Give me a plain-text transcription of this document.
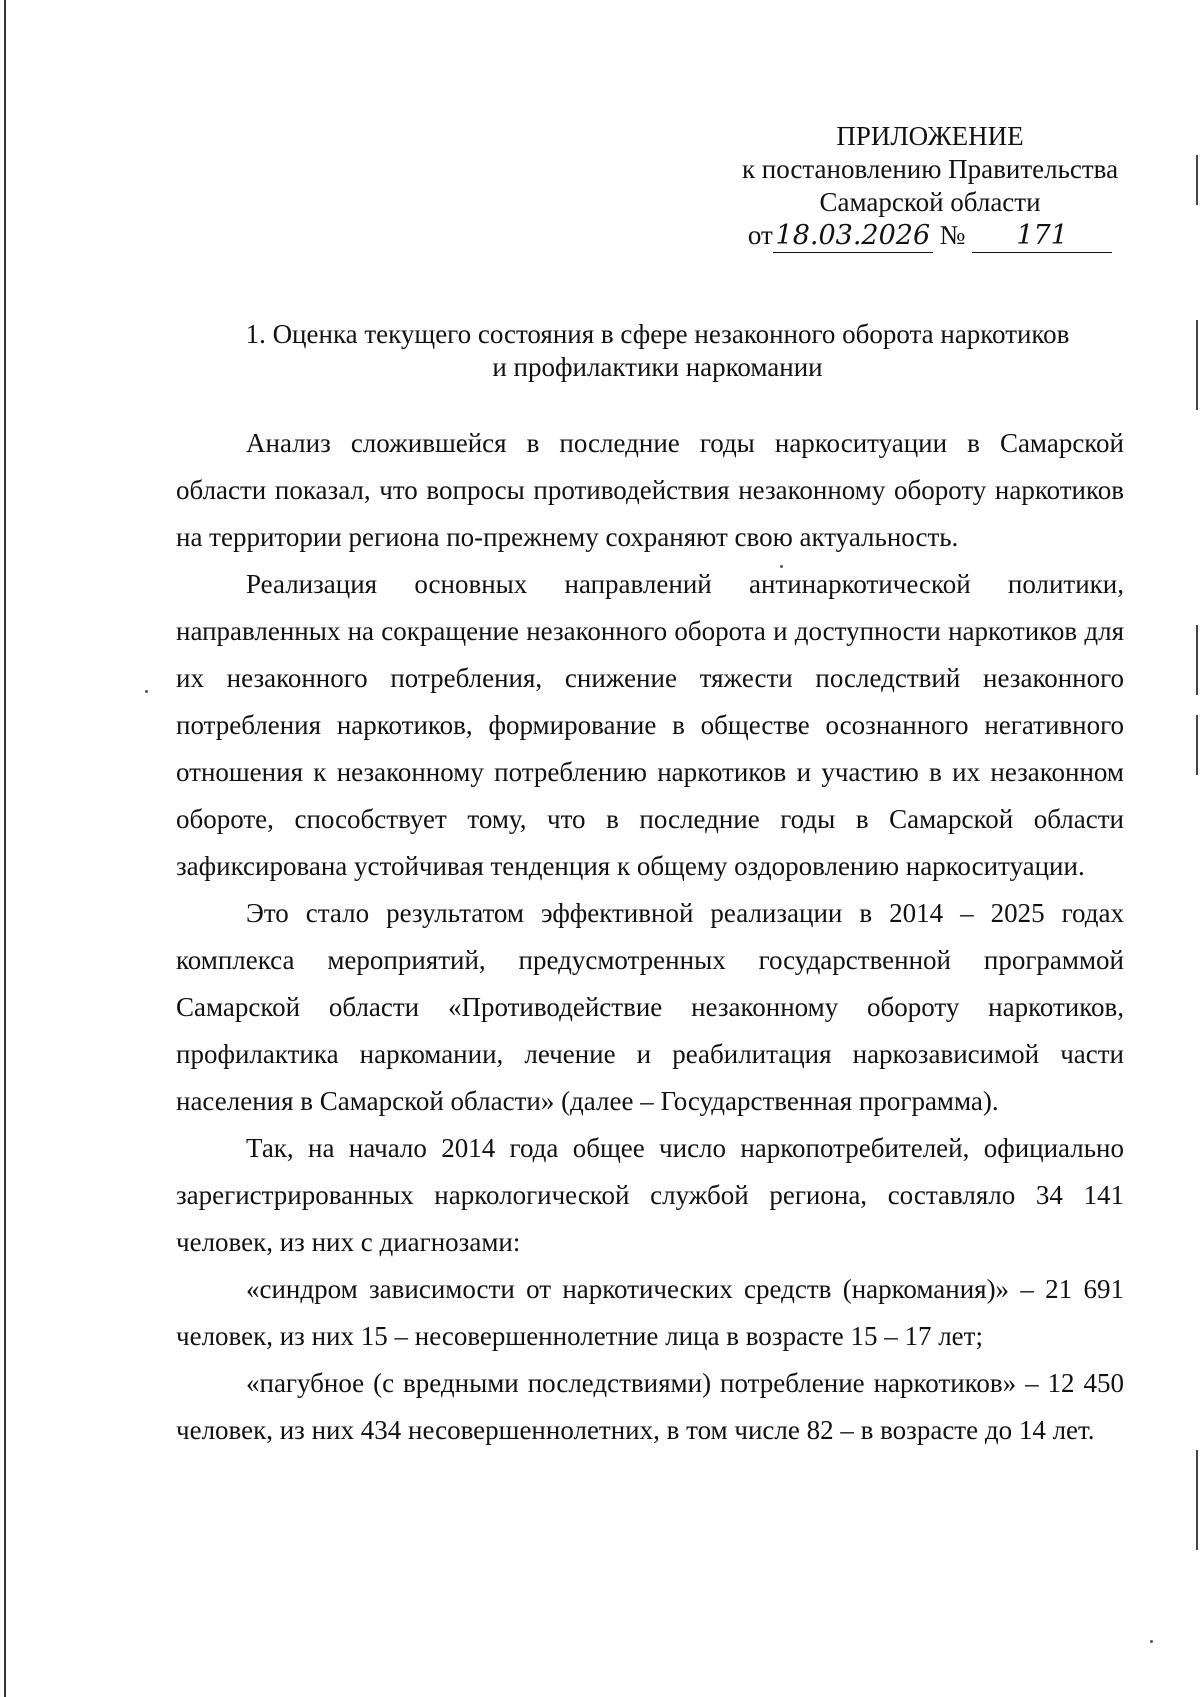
ПРИЛОЖЕНИЕ
к постановлению Правительства
Самарской области
от 18.03.2026 № 171
1. Оценка текущего состояния в сфере незаконного оборота наркотиков
и профилактики наркомании

Анализ сложившейся в последние годы наркоситуации в Самарской области показал, что вопросы противодействия незаконному обороту наркотиков на территории региона по-прежнему сохраняют свою актуальность.

Реализация основных направлений антинаркотической политики, направленных на сокращение незаконного оборота и доступности наркотиков для их незаконного потребления, снижение тяжести последствий незаконного потребления наркотиков, формирование в обществе осознанного негативного отношения к незаконному потреблению наркотиков и участию в их незаконном обороте, способствует тому, что в последние годы в Самарской области зафиксирована устойчивая тенденция к общему оздоровлению наркоситуации.

Это стало результатом эффективной реализации в 2014 – 2025 годах комплекса мероприятий, предусмотренных государственной программой Самарской области «Противодействие незаконному обороту наркотиков, профилактика наркомании, лечение и реабилитация наркозависимой части населения в Самарской области» (далее – Государственная программа).

Так, на начало 2014 года общее число наркопотребителей, официально зарегистрированных наркологической службой региона, составляло 34 141 человек, из них с диагнозами:

«синдром зависимости от наркотических средств (наркомания)» – 21 691 человек, из них 15 – несовершеннолетние лица в возрасте 15 – 17 лет;

«пагубное (с вредными последствиями) потребление наркотиков» – 12 450 человек, из них 434 несовершеннолетних, в том числе 82 – в возрасте до 14 лет.
